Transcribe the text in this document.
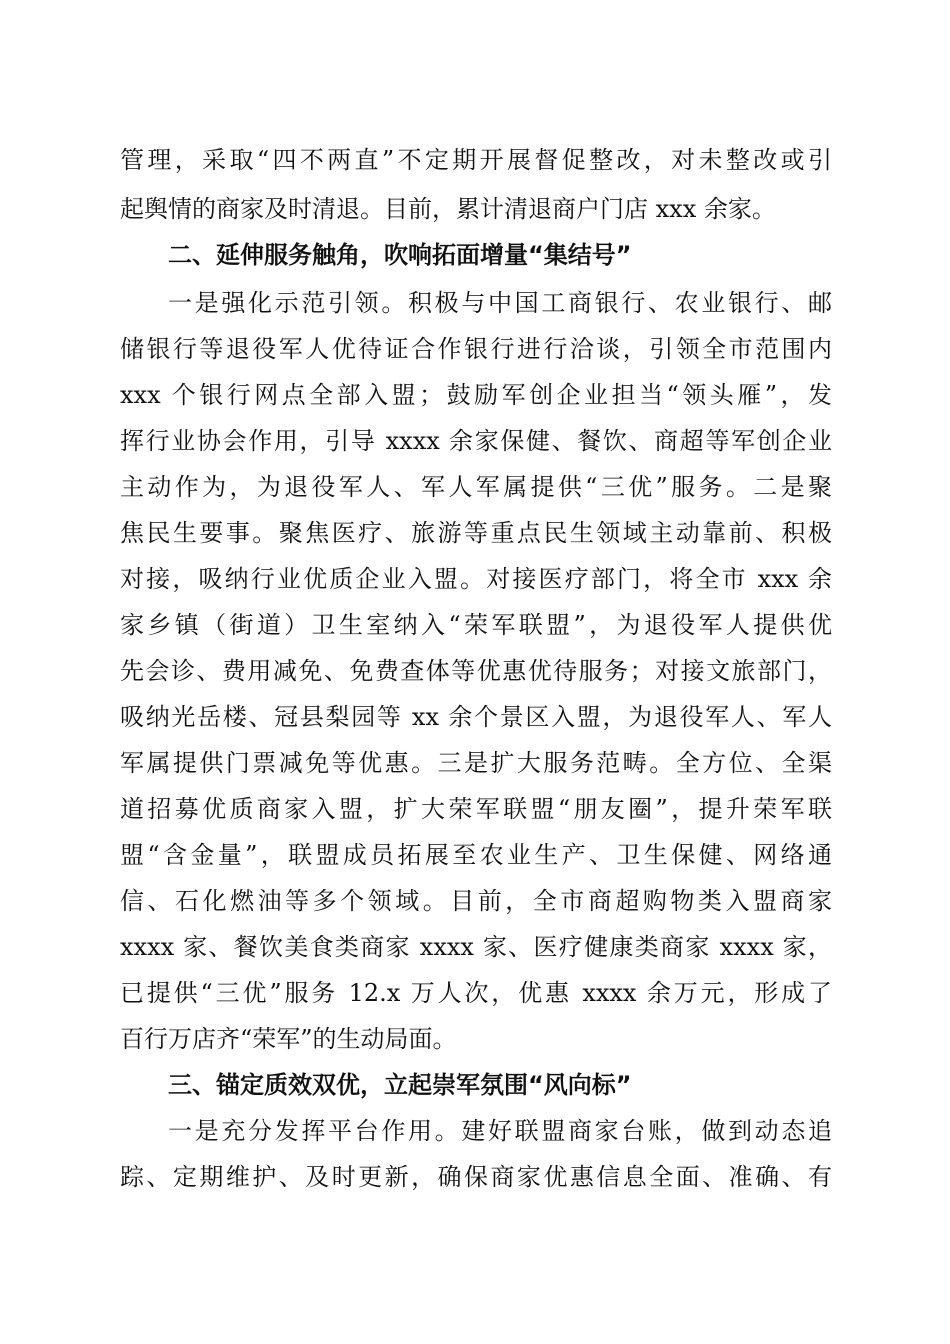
管理，采取“四不两直”不定期开展督促整改，对未整改或引
起舆情的商家及时清退。目前，累计清退商户门店 xxx 余家。
二、延伸服务触角，吹响拓面增量“集结号”
一是强化示范引领。积极与中国工商银行、农业银行、邮
储银行等退役军人优待证合作银行进行洽谈，引领全市范围内
xxx 个银行网点全部入盟；鼓励军创企业担当“领头雁”，发
挥行业协会作用，引导 xxxx 余家保健、餐饮、商超等军创企业
主动作为，为退役军人、军人军属提供“三优”服务。二是聚
焦民生要事。聚焦医疗、旅游等重点民生领域主动靠前、积极
对接，吸纳行业优质企业入盟。对接医疗部门，将全市 xxx 余
家乡镇（街道）卫生室纳入“荣军联盟”，为退役军人提供优
先会诊、费用减免、免费查体等优惠优待服务；对接文旅部门，
吸纳光岳楼、冠县梨园等 xx 余个景区入盟，为退役军人、军人
军属提供门票减免等优惠。三是扩大服务范畴。全方位、全渠
道招募优质商家入盟，扩大荣军联盟“朋友圈”，提升荣军联
盟“含金量”，联盟成员拓展至农业生产、卫生保健、网络通
信、石化燃油等多个领域。目前，全市商超购物类入盟商家
xxxx 家、餐饮美食类商家 xxxx 家、医疗健康类商家 xxxx 家，
已提供“三优”服务 12.x 万人次，优惠 xxxx 余万元，形成了
百行万店齐“荣军”的生动局面。
三、锚定质效双优，立起崇军氛围“风向标”
一是充分发挥平台作用。建好联盟商家台账，做到动态追
踪、定期维护、及时更新，确保商家优惠信息全面、准确、有
